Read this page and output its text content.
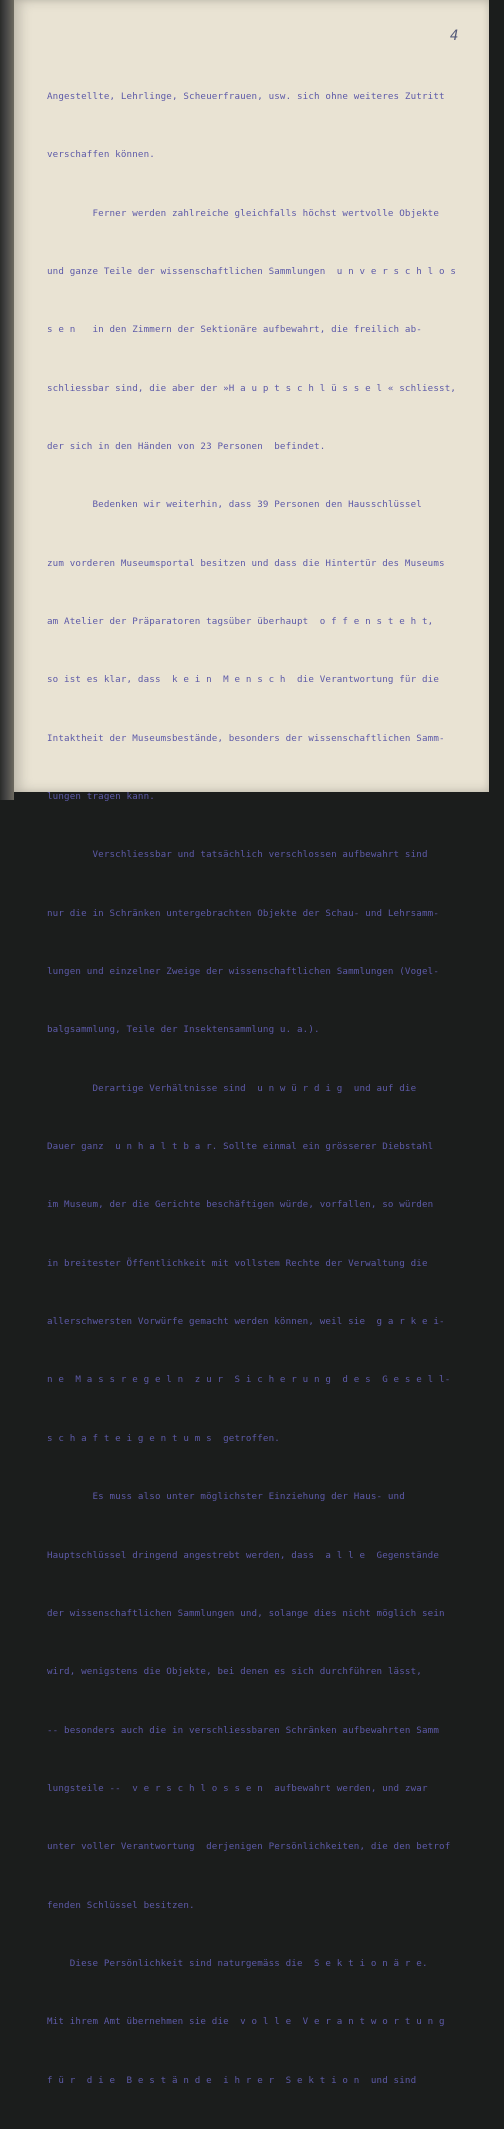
4

Angestellte, Lehrlinge, Scheuerfrauen, usw. sich ohne weiteres Zutritt

verschaffen können.

Ferner werden zahlreiche gleichfalls höchst wertvolle Objekte

und ganze Teile der wissenschaftlichen Sammlungen  u n v e r s c h l o s

s e n   in den Zimmern der Sektionäre aufbewahrt, die freilich ab-

schliessbar sind, die aber der »H a u p t s c h l ü s s e l « schliesst,

der sich in den Händen von 23 Personen  befindet.

Bedenken wir weiterhin, dass 39 Personen den Hausschlüssel

zum vorderen Museumsportal besitzen und dass die Hintertür des Museums

am Atelier der Präparatoren tagsüber überhaupt  o f f e n s t e h t,

so ist es klar, dass  k e i n  M e n s c h  die Verantwortung für die

Intaktheit der Museumsbestände, besonders der wissenschaftlichen Samm-

lungen tragen kann.

Verschliessbar und tatsächlich verschlossen aufbewahrt sind

nur die in Schränken untergebrachten Objekte der Schau- und Lehrsamm-

lungen und einzelner Zweige der wissenschaftlichen Sammlungen (Vogel-

balgsammlung, Teile der Insektensammlung u. a.).

Derartige Verhältnisse sind  u n w ü r d i g  und auf die

Dauer ganz  u n h a l t b a r. Sollte einmal ein grösserer Diebstahl

im Museum, der die Gerichte beschäftigen würde, vorfallen, so würden

in breitester Öffentlichkeit mit vollstem Rechte der Verwaltung die

allerschwersten Vorwürfe gemacht werden können, weil sie  g a r k e i-

n e  M a s s r e g e l n  z u r  S i c h e r u n g  d e s  G e s e l l-

s c h a f t e i g e n t u m s  getroffen.

Es muss also unter möglichster Einziehung der Haus- und

Hauptschlüssel dringend angestrebt werden, dass  a l l e  Gegenstände

der wissenschaftlichen Sammlungen und, solange dies nicht möglich sein

wird, wenigstens die Objekte, bei denen es sich durchführen lässt,

-- besonders auch die in verschliessbaren Schränken aufbewahrten Samm

lungsteile --  v e r s c h l o s s e n  aufbewahrt werden, und zwar

unter voller Verantwortung  derjenigen Persönlichkeiten, die den betrof

fenden Schlüssel besitzen.

Diese Persönlichkeit sind naturgemäss die  S e k t i o n ä r e.

Mit ihrem Amt übernehmen sie die  v o l l e  V e r a n t w o r t u n g

f ü r  d i e  B e s t ä n d e  i h r e r  S e k t i o n  und sind
